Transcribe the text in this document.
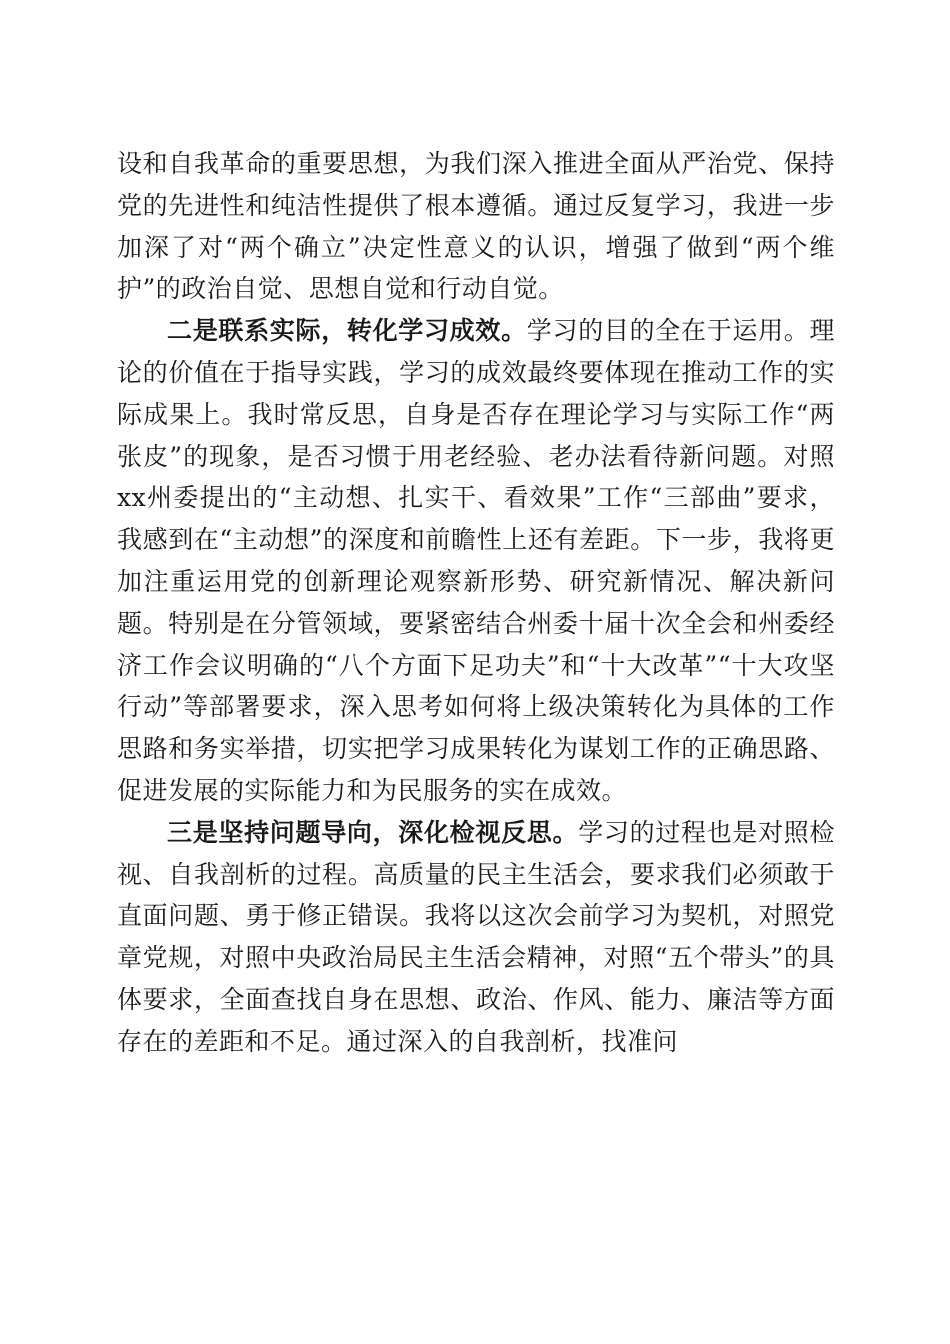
设和自我革命的重要思想，为我们深入推进全面从严治党、保持党的先进性和纯洁性提供了根本遵循。通过反复学习，我进一步加深了对“两个确立”决定性意义的认识，增强了做到“两个维护”的政治自觉、思想自觉和行动自觉。

二是联系实际，转化学习成效。学习的目的全在于运用。理论的价值在于指导实践，学习的成效最终要体现在推动工作的实际成果上。我时常反思，自身是否存在理论学习与实际工作“两张皮”的现象，是否习惯于用老经验、老办法看待新问题。对照xx州委提出的“主动想、扎实干、看效果”工作“三部曲”要求，我感到在“主动想”的深度和前瞻性上还有差距。下一步，我将更加注重运用党的创新理论观察新形势、研究新情况、解决新问题。特别是在分管领域，要紧密结合州委十届十次全会和州委经济工作会议明确的“八个方面下足功夫”和“十大改革”“十大攻坚行动”等部署要求，深入思考如何将上级决策转化为具体的工作思路和务实举措，切实把学习成果转化为谋划工作的正确思路、促进发展的实际能力和为民服务的实在成效。

三是坚持问题导向，深化检视反思。学习的过程也是对照检视、自我剖析的过程。高质量的民主生活会，要求我们必须敢于直面问题、勇于修正错误。我将以这次会前学习为契机，对照党章党规，对照中央政治局民主生活会精神，对照“五个带头”的具体要求，全面查找自身在思想、政治、作风、能力、廉洁等方面存在的差距和不足。通过深入的自我剖析，找准问
